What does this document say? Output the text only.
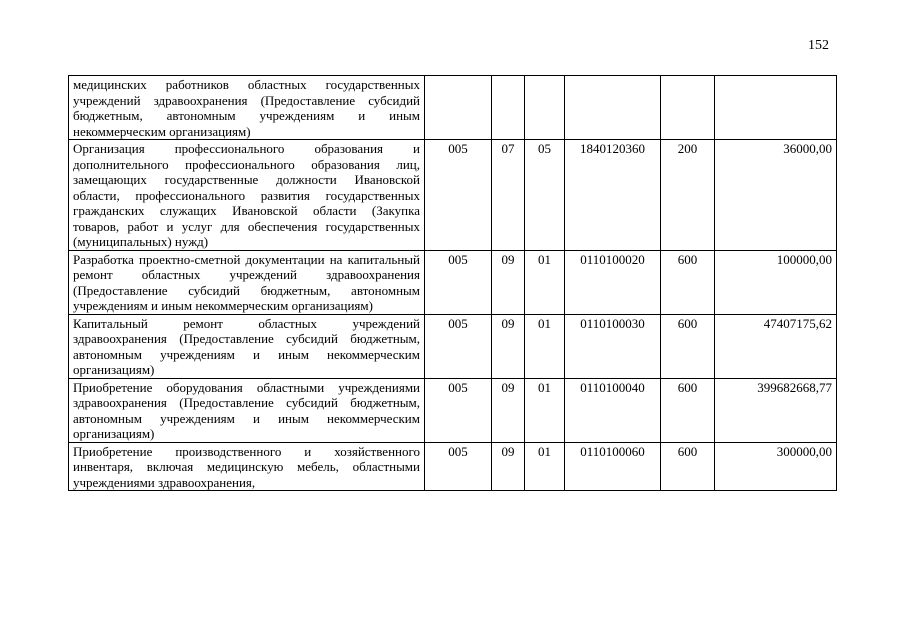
152
медицинских работников областных государственных учреждений здравоохранения (Предоставление субсидий бюджетным, автономным учреждениям и иным некоммерческим организациям)						
Организация профессионального образования и дополнительного профессионального образования лиц, замещающих государственные должности Ивановской области, профессионального развития государственных гражданских служащих Ивановской области (Закупка товаров, работ и услуг для обеспечения государственных (муниципальных) нужд)	005	07	05	1840120360	200	36000,00
Разработка проектно-сметной документации на капитальный ремонт областных учреждений здравоохранения (Предоставление субсидий бюджетным, автономным учреждениям и иным некоммерческим организациям)	005	09	01	0110100020	600	100000,00
Капитальный ремонт областных учреждений здравоохранения (Предоставление субсидий бюджетным, автономным учреждениям и иным некоммерческим организациям)	005	09	01	0110100030	600	47407175,62
Приобретение оборудования областными учреждениями здравоохранения (Предоставление субсидий бюджетным, автономным учреждениям и иным некоммерческим организациям)	005	09	01	0110100040	600	399682668,77
Приобретение производственного и хозяйственного инвентаря, включая медицинскую мебель, областными учреждениями здравоохранения,	005	09	01	0110100060	600	300000,00
